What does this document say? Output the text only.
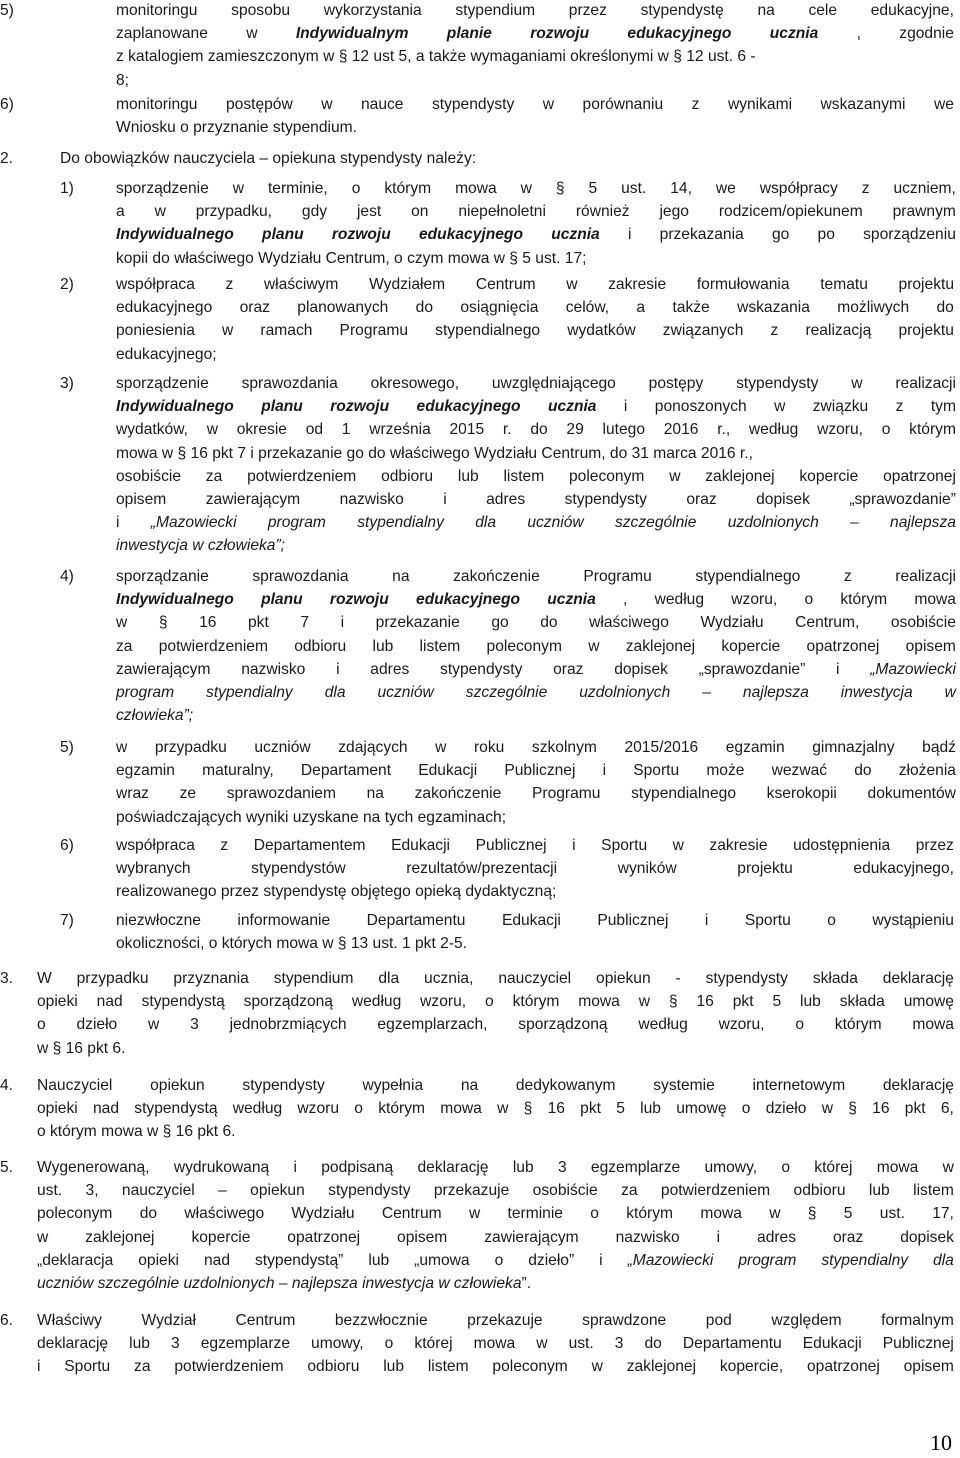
5)	monitoringu sposobu wykorzystania stypendium przez stypendystę na cele edukacyjne,
zaplanowane w Indywidualnym planie rozwoju edukacyjnego ucznia , zgodnie
z katalogiem zamieszczonym w § 12 ust 5, a także wymaganiami określonymi w § 12 ust. 6 -
8;
6)	monitoringu postępów w nauce stypendysty w porównaniu z wynikami wskazanymi we
Wniosku o przyznanie stypendium.
2.	Do obowiązków nauczyciela – opiekuna stypendysty należy:
1)	sporządzenie w terminie, o którym mowa w § 5 ust. 14, we współpracy z uczniem,
a w przypadku, gdy jest on niepełnoletni również jego rodzicem/opiekunem prawnym
Indywidualnego planu rozwoju edukacyjnego ucznia i przekazania go po sporządzeniu
kopii do właściwego Wydziału Centrum, o czym mowa w § 5 ust. 17;
2)	współpraca z właściwym Wydziałem Centrum w zakresie formułowania tematu projektu
edukacyjnego oraz planowanych do osiągnięcia celów, a także wskazania możliwych do
poniesienia w ramach Programu stypendialnego wydatków związanych z realizacją projektu
edukacyjnego;
3)	sporządzenie sprawozdania okresowego, uwzględniającego postępy stypendysty w realizacji
Indywidualnego planu rozwoju edukacyjnego ucznia i ponoszonych w związku z tym
wydatków, w okresie od 1 września 2015 r. do 29 lutego 2016 r., według wzoru, o którym
mowa w § 16 pkt 7 i przekazanie go do właściwego Wydziału Centrum, do 31 marca 2016 r.,
osobiście za potwierdzeniem odbioru lub listem poleconym w zaklejonej kopercie opatrzonej
opisem	zawierającym	nazwisko	i	adres	stypendysty	oraz	dopisek	„sprawozdanie”
i „Mazowiecki program stypendialny dla uczniów szczególnie uzdolnionych – najlepsza
inwestycja w człowieka”;
4)	sporządzanie	sprawozdania	na	zakończenie	Programu	stypendialnego	z	realizacji
Indywidualnego planu rozwoju edukacyjnego ucznia , według wzoru, o którym mowa
w § 16 pkt 7 i przekazanie go do właściwego Wydziału Centrum, osobiście
za potwierdzeniem odbioru lub listem poleconym w zaklejonej kopercie opatrzonej opisem
zawierającym nazwisko i adres stypendysty oraz dopisek „sprawozdanie” i „Mazowiecki
program stypendialny dla uczniów szczególnie uzdolnionych – najlepsza inwestycja w
człowieka”;
5)	w przypadku uczniów zdających w roku szkolnym 2015/2016 egzamin gimnazjalny bądź
egzamin maturalny, Departament Edukacji Publicznej i Sportu może wezwać do złożenia
wraz ze sprawozdaniem na zakończenie Programu stypendialnego kserokopii dokumentów
poświadczających wyniki uzyskane na tych egzaminach;
6)	współpraca z Departamentem Edukacji Publicznej i Sportu w zakresie udostępnienia przez
wybranych	stypendystów	rezultatów/prezentacji	wyników	projektu	edukacyjnego,
realizowanego przez stypendystę objętego opieką dydaktyczną;
7)	niezwłoczne informowanie Departamentu Edukacji Publicznej i Sportu o wystąpieniu
okoliczności, o których mowa w § 13 ust. 1 pkt 2-5.
3. W przypadku przyznania stypendium dla ucznia, nauczyciel opiekun - stypendysty składa deklarację
opieki nad stypendystą sporządzoną według wzoru, o którym mowa w § 16 pkt 5 lub składa umowę
o dzieło w 3 jednobrzmiących egzemplarzach, sporządzoną według wzoru, o którym mowa
w § 16 pkt 6.
4. Nauczyciel opiekun stypendysty wypełnia na dedykowanym systemie internetowym deklarację
opieki nad stypendystą według wzoru o którym mowa w § 16 pkt 5 lub umowę o dzieło w § 16 pkt 6,
o którym mowa w § 16 pkt 6.
5. Wygenerowaną, wydrukowaną i podpisaną deklarację lub 3 egzemplarze umowy, o której mowa w
ust. 3, nauczyciel – opiekun stypendysty przekazuje osobiście za potwierdzeniem odbioru lub listem
poleconym do właściwego Wydziału Centrum w terminie o którym mowa w § 5 ust. 17,
w zaklejonej kopercie opatrzonej opisem zawierającym nazwisko i adres oraz dopisek
„deklaracja opieki nad stypendystą” lub „umowa o dzieło” i „Mazowiecki program stypendialny dla
uczniów szczególnie uzdolnionych – najlepsza inwestycja w człowieka”.
6. Właściwy	Wydział	Centrum	bezzwłocznie	przekazuje	sprawdzone	pod	względem	formalnym
deklarację lub 3 egzemplarze umowy, o której mowa w ust. 3 do Departamentu Edukacji Publicznej
i Sportu za potwierdzeniem odbioru lub listem poleconym w zaklejonej kopercie, opatrzonej opisem
10
